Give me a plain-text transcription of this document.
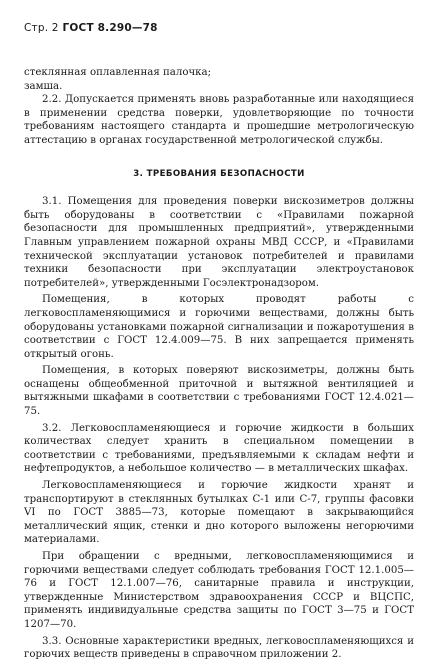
Стр. 2 ГОСТ 8.290—78

стеклянная оплавленная палочка;

замша.

2.2. Допускается применять вновь разработанные или находящиеся в применении средства поверки, удовлетворяющие по точности требованиям настоящего стандарта и прошедшие метрологическую аттестацию в органах государственной метрологической службы.

3. ТРЕБОВАНИЯ БЕЗОПАСНОСТИ

3.1. Помещения для проведения поверки вискозиметров должны быть оборудованы в соответствии с «Правилами пожарной безопасности для промышленных предприятий», утвержденными Главным управлением пожарной охраны МВД СССР, и «Правилами технической эксплуатации установок потребителей и правилами техники безопасности при эксплуатации электроустановок потребителей», утвержденными Госэлектронадзором.

Помещения, в которых проводят работы с легковоспламеняющимися и горючими веществами, должны быть оборудованы установками пожарной сигнализации и пожаротушения в соответствии с ГОСТ 12.4.009—75. В них запрещается применять открытый огонь.

Помещения, в которых поверяют вискозиметры, должны быть оснащены общеобменной приточной и вытяжной вентиляцией и вытяжными шкафами в соответствии с требованиями ГОСТ 12.4.021—75.

3.2. Легковоспламеняющиеся и горючие жидкости в больших количествах следует хранить в специальном помещении в соответствии с требованиями, предъявляемыми к складам нефти и нефтепродуктов, а небольшое количество — в металлических шкафах.

Легковоспламеняющиеся и горючие жидкости хранят и транспортируют в стеклянных бутылках С-1 или С-7, группы фасовки VI по ГОСТ 3885—73, которые помещают в закрывающийся металлический ящик, стенки и дно которого выложены негорючими материалами.

При обращении с вредными, легковоспламеняющимися и горючими веществами следует соблюдать требования ГОСТ 12.1.005—76 и ГОСТ 12.1.007—76, санитарные правила и инструкции, утвержденные Министерством здравоохранения СССР и ВЦСПС, применять индивидуальные средства защиты по ГОСТ 3—75 и ГОСТ 1207—70.

3.3. Основные характеристики вредных, легковоспламеняющихся и горючих веществ приведены в справочном приложении 2.
